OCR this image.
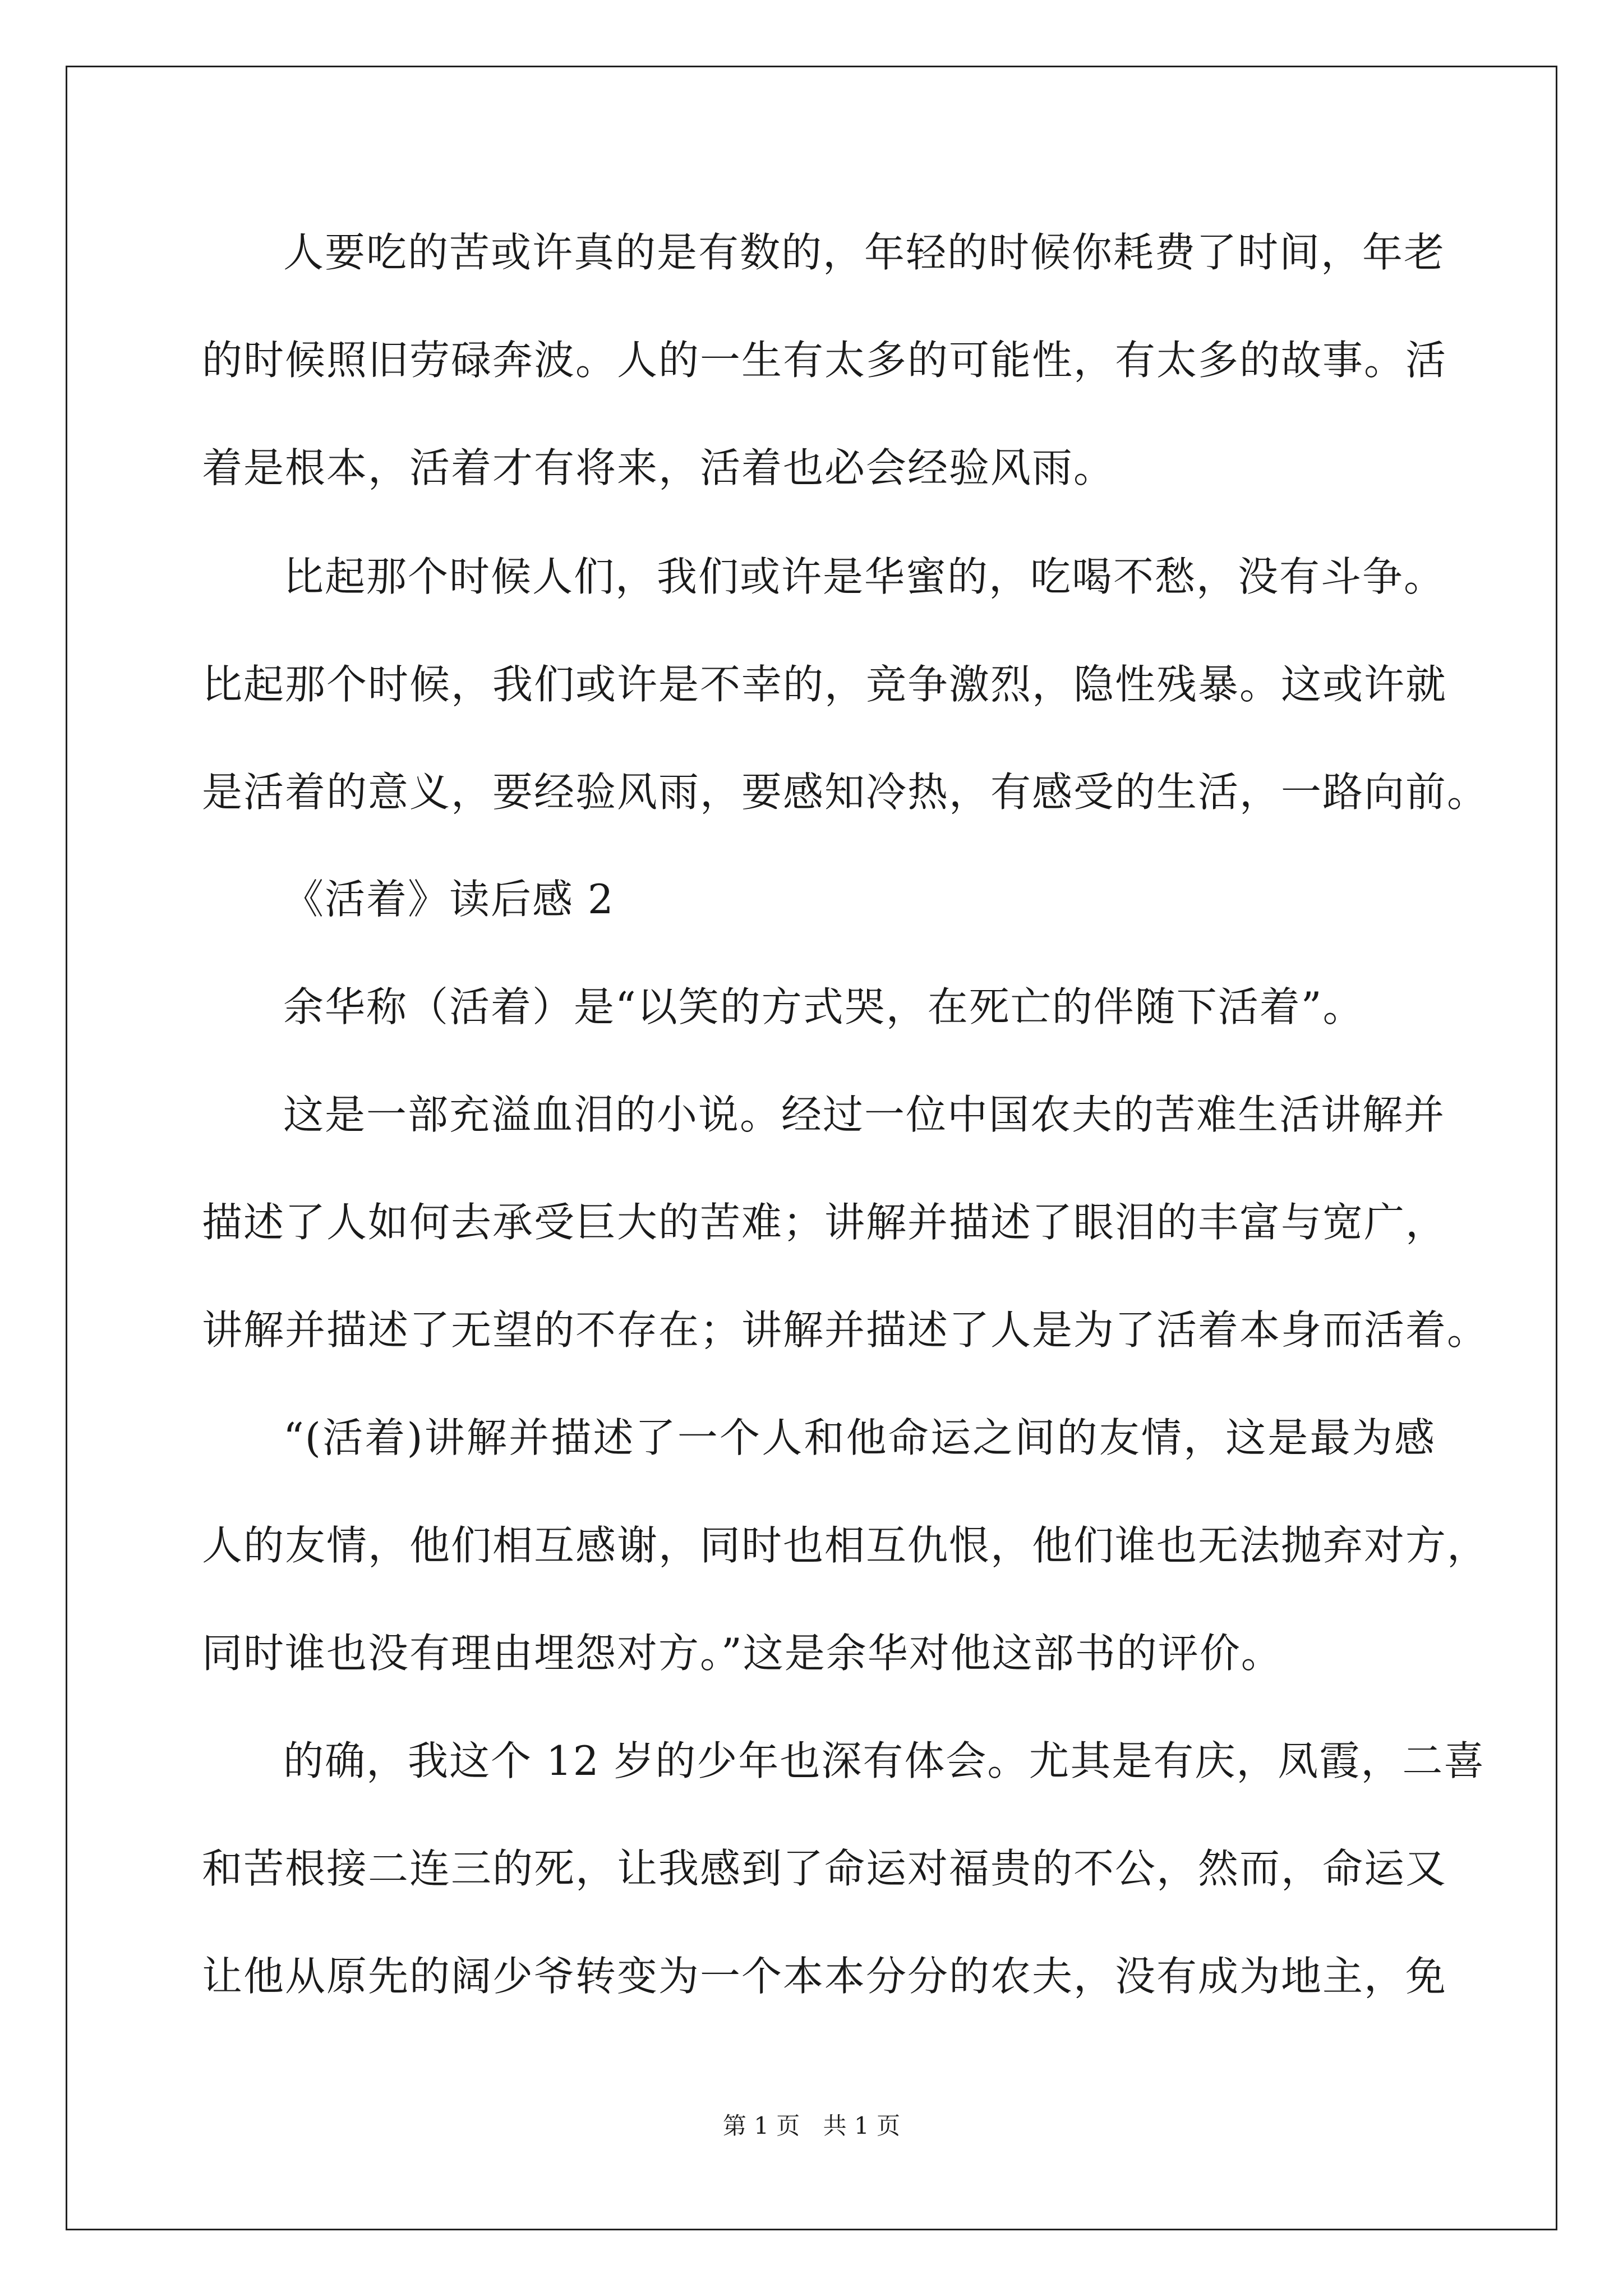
人要吃的苦或许真的是有数的，年轻的时候你耗费了时间，年老
的时候照旧劳碌奔波。人的一生有太多的可能性，有太多的故事。活
着是根本，活着才有将来，活着也必会经验风雨。
比起那个时候人们，我们或许是华蜜的，吃喝不愁，没有斗争。
比起那个时候，我们或许是不幸的，竞争激烈，隐性残暴。这或许就
是活着的意义，要经验风雨，要感知冷热，有感受的生活，一路向前。
《活着》读后感 2
余华称（活着）是“以笑的方式哭，在死亡的伴随下活着”。
这是一部充溢血泪的小说。经过一位中国农夫的苦难生活讲解并
描述了人如何去承受巨大的苦难；讲解并描述了眼泪的丰富与宽广，
讲解并描述了无望的不存在；讲解并描述了人是为了活着本身而活着。
“(活着)讲解并描述了一个人和他命运之间的友情，这是最为感
人的友情，他们相互感谢，同时也相互仇恨，他们谁也无法抛弃对方，
同时谁也没有理由埋怨对方。”这是余华对他这部书的评价。
的确，我这个 12 岁的少年也深有体会。尤其是有庆，凤霞，二喜
和苦根接二连三的死，让我感到了命运对福贵的不公，然而，命运又
让他从原先的阔少爷转变为一个本本分分的农夫，没有成为地主，免
第 1 页 共 1 页
